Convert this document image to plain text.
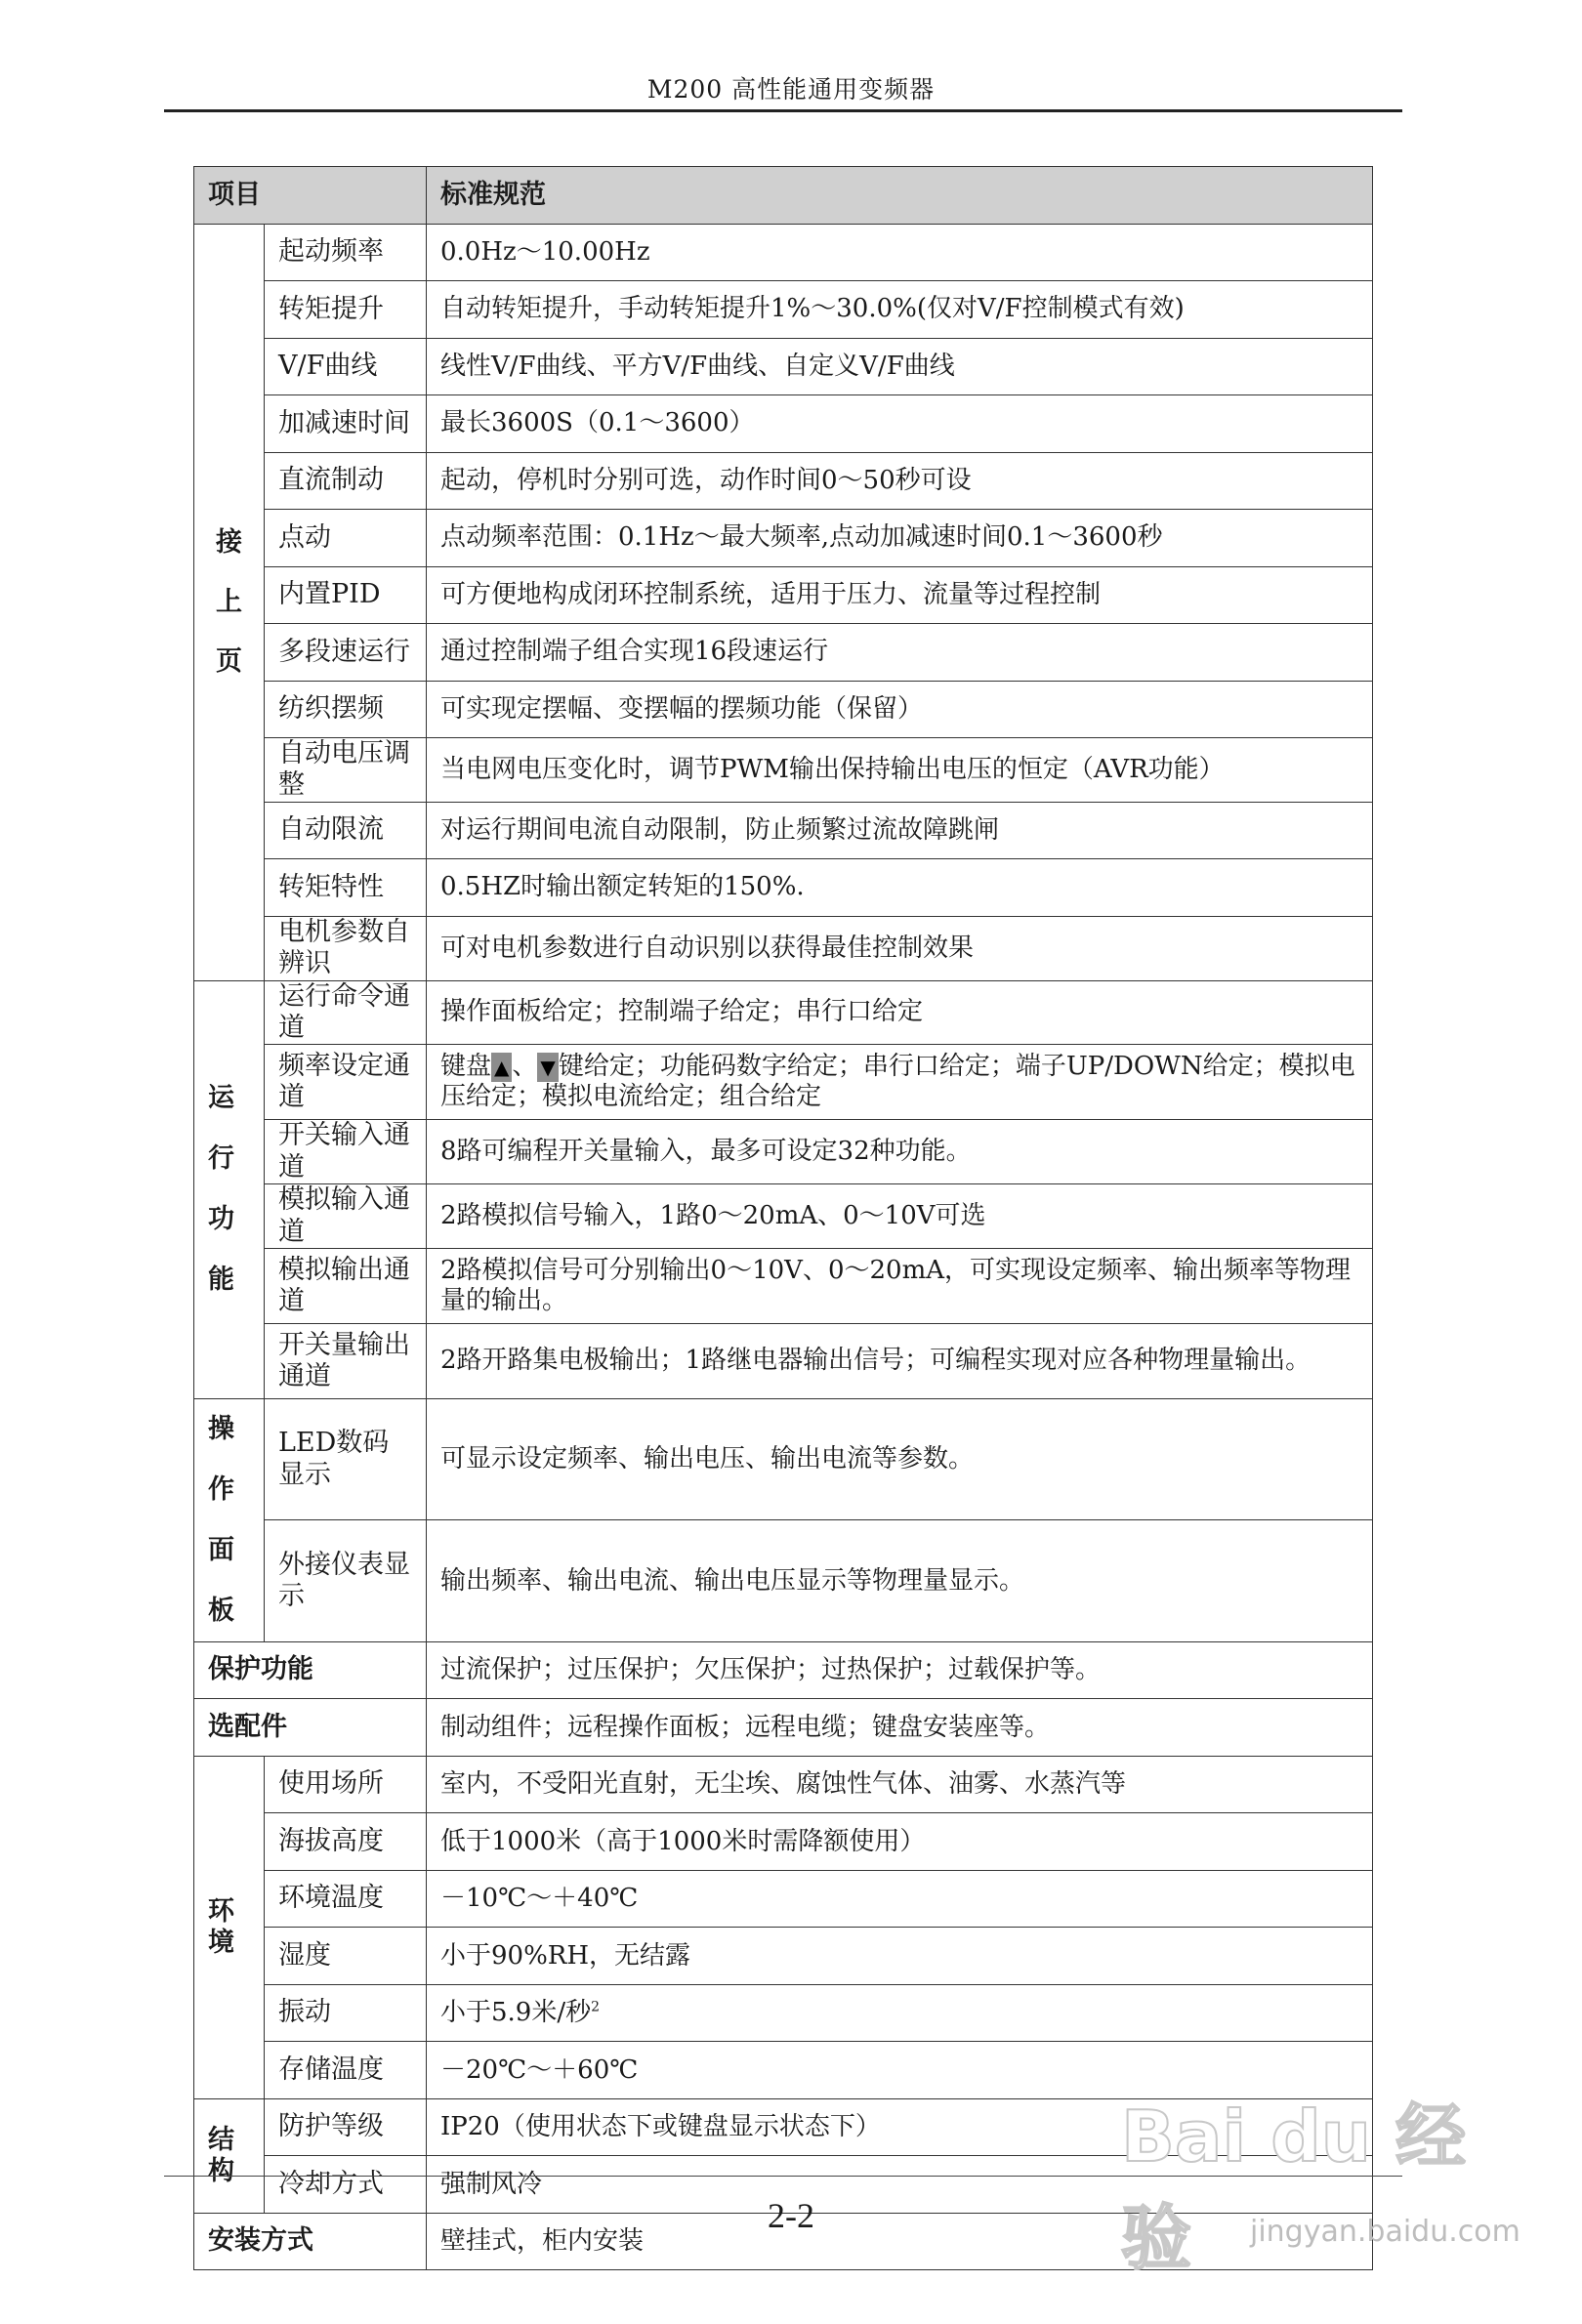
M200 高性能通用变频器
项目		标准规范

接
上
页	起动频率	0.0Hz～10.00Hz
	转矩提升	自动转矩提升，手动转矩提升1%～30.0%(仅对V/F控制模式有效)
	V/F曲线	线性V/F曲线、平方V/F曲线、自定义V/F曲线
	加减速时间	最长3600S（0.1～3600）
	直流制动	起动，停机时分别可选，动作时间0～50秒可设
	点动	点动频率范围：0.1Hz～最大频率,点动加减速时间0.1～3600秒
	内置PID	可方便地构成闭环控制系统，适用于压力、流量等过程控制
	多段速运行	通过控制端子组合实现16段速运行
	纺织摆频	可实现定摆幅、变摆幅的摆频功能（保留）
	自动电压调整	当电网电压变化时，调节PWM输出保持输出电压的恒定（AVR功能）
	自动限流	对运行期间电流自动限制，防止频繁过流故障跳闸
	转矩特性	0.5HZ时输出额定转矩的150%.
	电机参数自辨识	可对电机参数进行自动识别以获得最佳控制效果

运 行
功能	运行命令通道	操作面板给定；控制端子给定；串行口给定
	频率设定通道	键盘 ▲ 、 ▼ 键给定；功能码数字给定；串行口给定；端子UP/DOWN给定；模拟电压给定；模拟电流给定；组合给定
	开关输入通道	8路可编程开关量输入，最多可设定32种功能。
	模拟输入通道	2路模拟信号输入，1路0～20mA、0～10V可选
	模拟输出通道	2路模拟信号可分别输出0～10V、0～20mA，可实现设定频率、输出频率等物理量的输出。
	开关量输出通道	2路开路集电极输出；1路继电器输出信号；可编程实现对应各种物理量输出。

操 作
面板	LED数码显示	可显示设定频率、输出电压、输出电流等参数。
	外接仪表显示	输出频率、输出电流、输出电压显示等物理量显示。
保护功能		过流保护；过压保护；欠压保护；过热保护；过载保护等。
选配件		制动组件；远程操作面板；远程电缆；键盘安装座等。
环境	使用场所	室内，不受阳光直射，无尘埃、腐蚀性气体、油雾、水蒸汽等
	海拔高度	低于1000米（高于1000米时需降额使用）
	环境温度	－10℃～＋40℃
	湿度	小于90%RH，无结露
	振动	小于5.9米/秒$^2$
	存储温度	－20℃～＋60℃
结构	防护等级	IP20（使用状态下或键盘显示状态下）
	冷却方式	强制风冷
安装方式		壁挂式，柜内安装
2-2
Bai du 经验	jingyan.baidu.com
